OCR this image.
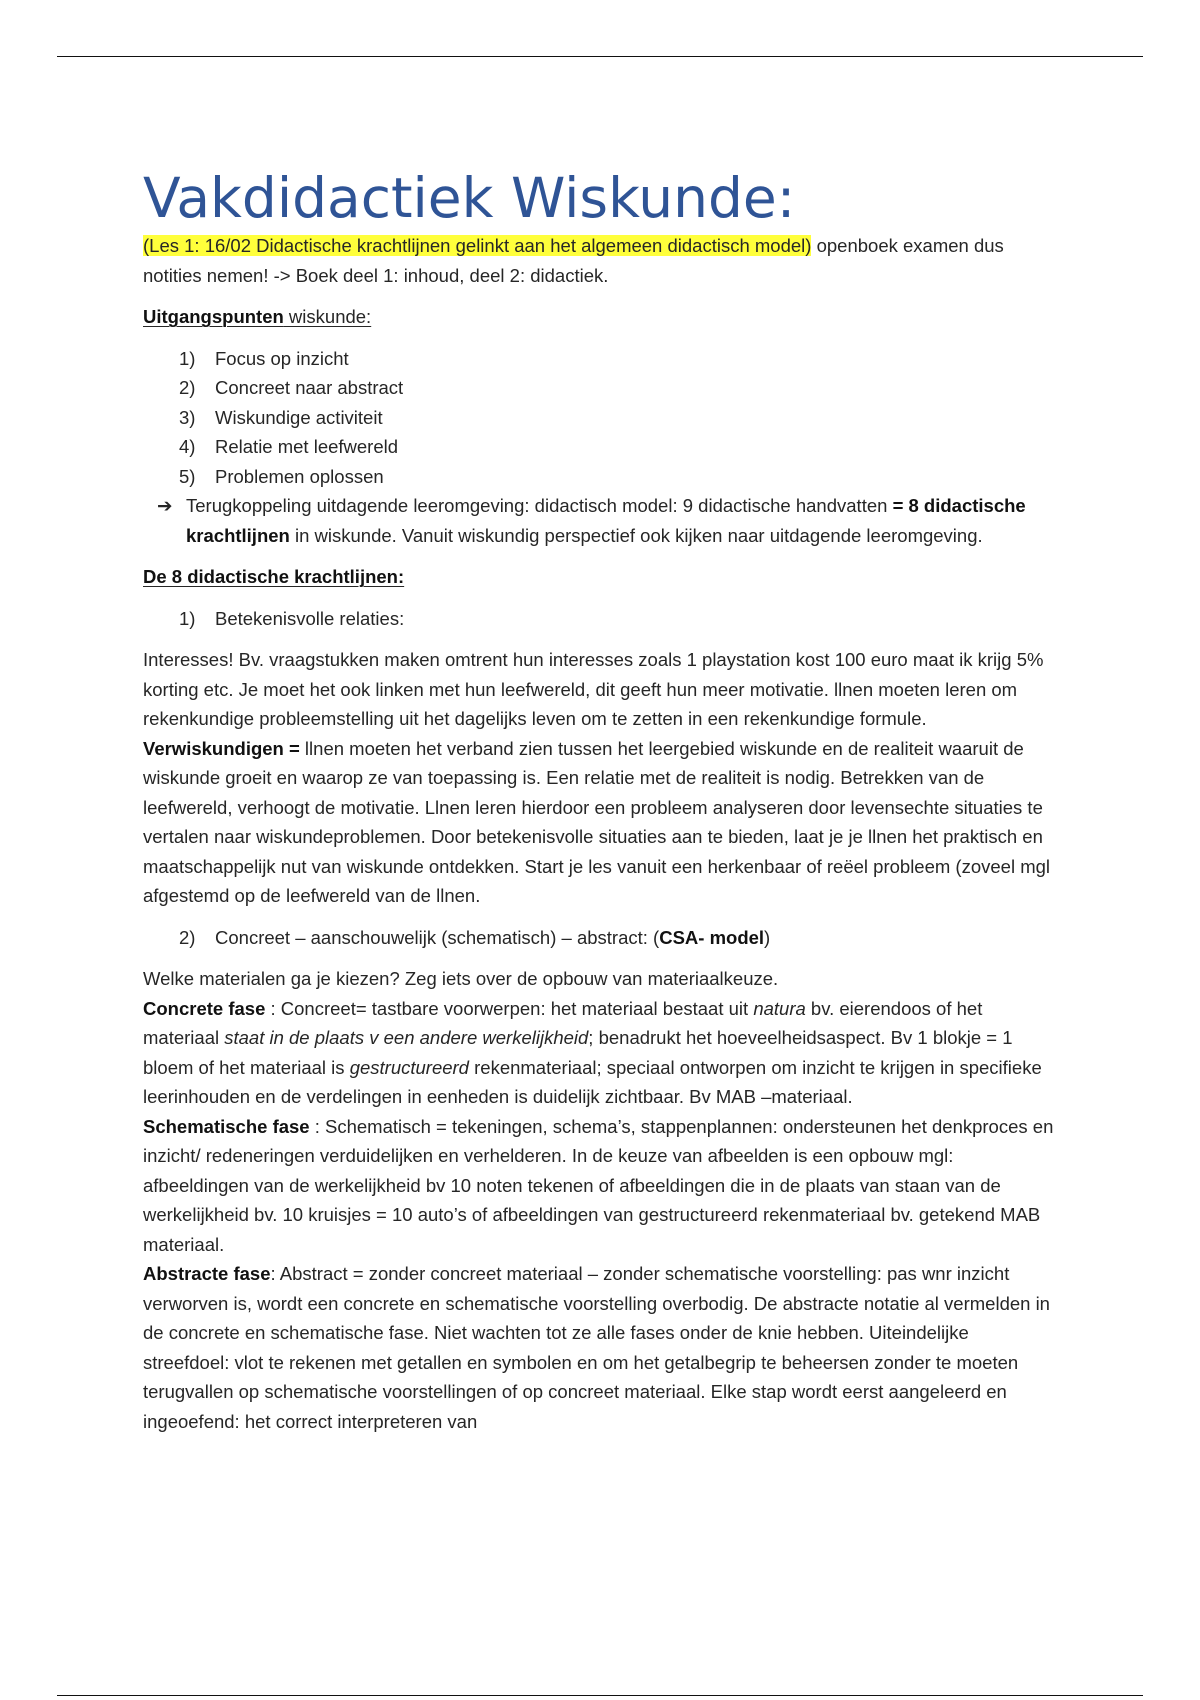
Vakdidactiek Wiskunde:

(Les 1: 16/02 Didactische krachtlijnen gelinkt aan het algemeen didactisch model) openboek examen dus notities nemen! -> Boek deel 1: inhoud, deel 2: didactiek.

Uitgangspunten wiskunde:

1) Focus op inzicht
2) Concreet naar abstract
3) Wiskundige activiteit
4) Relatie met leefwereld
5) Problemen oplossen

➔ Terugkoppeling uitdagende leeromgeving: didactisch model: 9 didactische handvatten = 8 didactische krachtlijnen in wiskunde. Vanuit wiskundig perspectief ook kijken naar uitdagende leeromgeving.

De 8 didactische krachtlijnen:

1) Betekenisvolle relaties:

Interesses! Bv. vraagstukken maken omtrent hun interesses zoals 1 playstation kost 100 euro maat ik krijg 5% korting etc. Je moet het ook linken met hun leefwereld, dit geeft hun meer motivatie. llnen moeten leren om rekenkundige probleemstelling uit het dagelijks leven om te zetten in een rekenkundige formule. Verwiskundigen = llnen moeten het verband zien tussen het leergebied wiskunde en de realiteit waaruit de wiskunde groeit en waarop ze van toepassing is. Een relatie met de realiteit is nodig. Betrekken van de leefwereld, verhoogt de motivatie. Llnen leren hierdoor een probleem analyseren door levensechte situaties te vertalen naar wiskundeproblemen. Door betekenisvolle situaties aan te bieden, laat je je llnen het praktisch en maatschappelijk nut van wiskunde ontdekken. Start je les vanuit een herkenbaar of reëel probleem (zoveel mgl afgestemd op de leefwereld van de llnen.

2) Concreet – aanschouwelijk (schematisch) – abstract: (CSA- model)

Welke materialen ga je kiezen? Zeg iets over de opbouw van materiaalkeuze.

Concrete fase : Concreet= tastbare voorwerpen: het materiaal bestaat uit natura bv. eierendoos of het materiaal staat in de plaats v een andere werkelijkheid; benadrukt het hoeveelheidsaspect. Bv 1 blokje = 1 bloem of het materiaal is gestructureerd rekenmateriaal; speciaal ontworpen om inzicht te krijgen in specifieke leerinhouden en de verdelingen in eenheden is duidelijk zichtbaar. Bv MAB –materiaal.

Schematische fase : Schematisch = tekeningen, schema’s, stappenplannen: ondersteunen het denkproces en inzicht/ redeneringen verduidelijken en verhelderen. In de keuze van afbeelden is een opbouw mgl: afbeeldingen van de werkelijkheid bv 10 noten tekenen of afbeeldingen die in de plaats van staan van de werkelijkheid bv. 10 kruisjes = 10 auto’s of afbeeldingen van gestructureerd rekenmateriaal bv. getekend MAB materiaal.

Abstracte fase: Abstract = zonder concreet materiaal – zonder schematische voorstelling: pas wnr inzicht verworven is, wordt een concrete en schematische voorstelling overbodig. De abstracte notatie al vermelden in de concrete en schematische fase. Niet wachten tot ze alle fases onder de knie hebben. Uiteindelijke streefdoel: vlot te rekenen met getallen en symbolen en om het getalbegrip te beheersen zonder te moeten terugvallen op schematische voorstellingen of op concreet materiaal. Elke stap wordt eerst aangeleerd en ingeoefend: het correct interpreteren van
